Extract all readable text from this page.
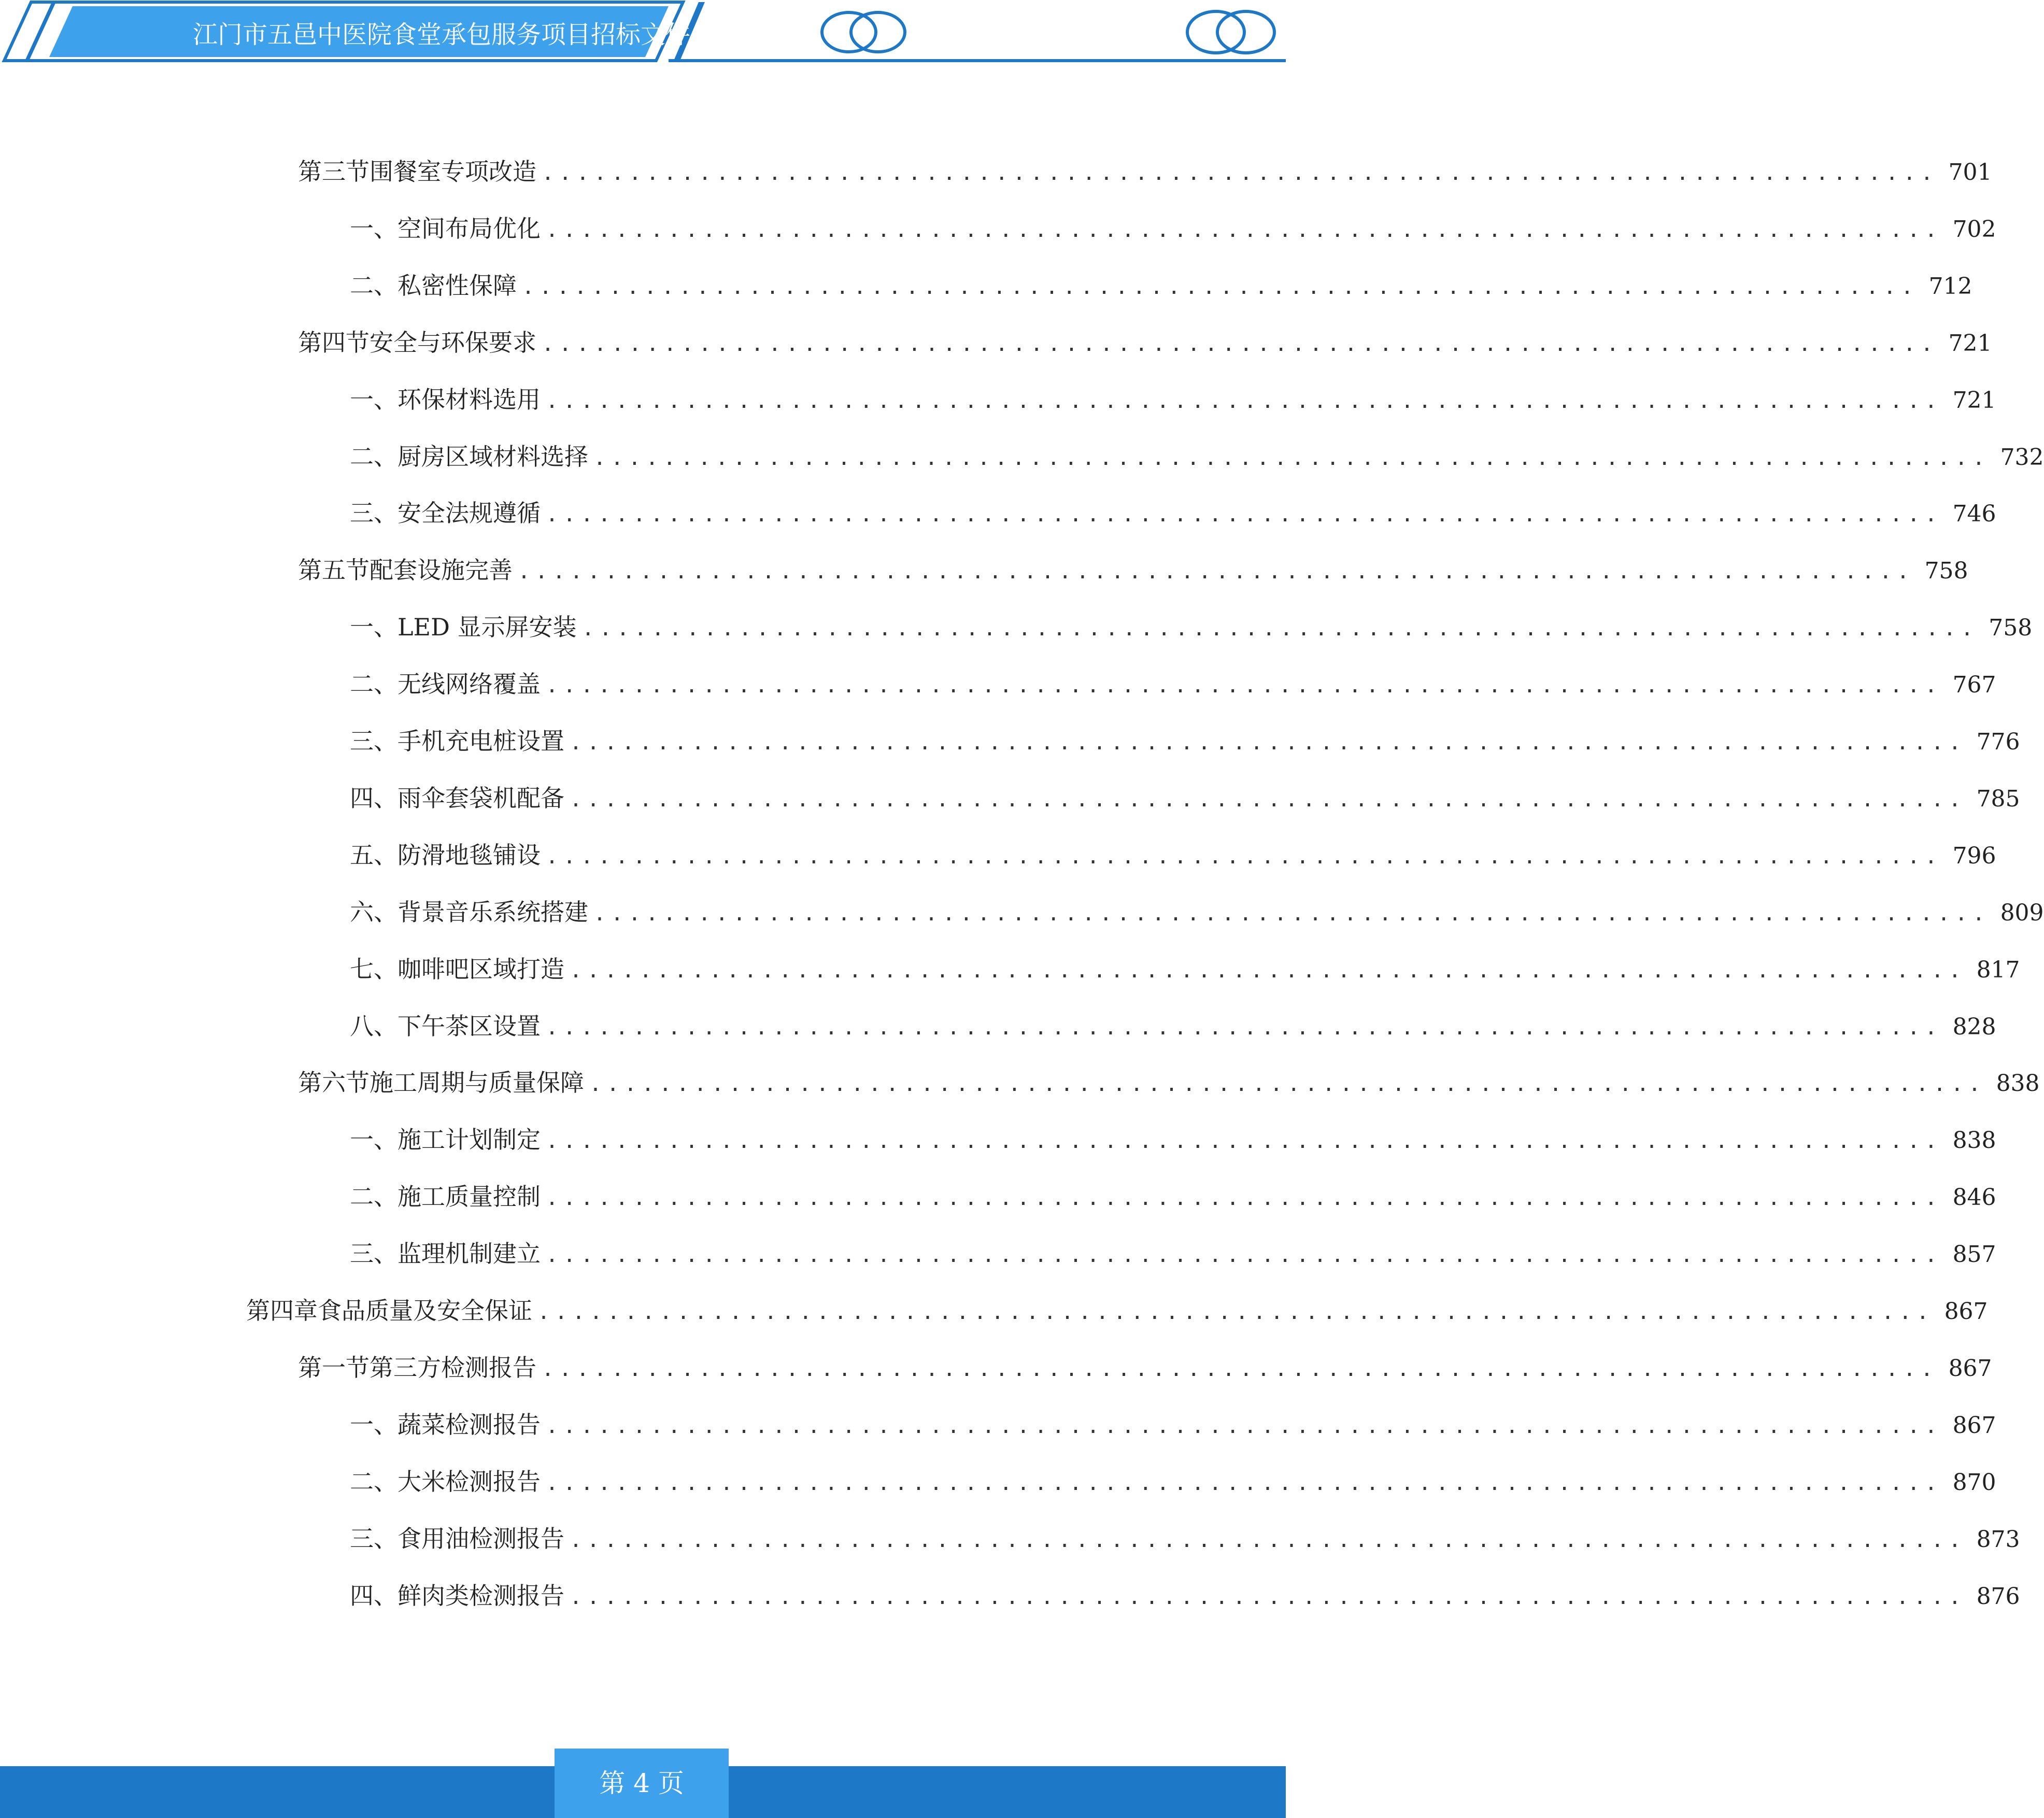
江门市五邑中医院食堂承包服务项目招标文件
第三节 围餐室专项改造 ................................................................................ 701
一、 空间布局优化 ................................................................................ 702
二、 私密性保障 ................................................................................ 712
第四节 安全与环保要求 ................................................................................ 721
一、 环保材料选用 ................................................................................ 721
二、 厨房区域材料选择 ................................................................................ 732
三、 安全法规遵循 ................................................................................ 746
第五节 配套设施完善 ................................................................................ 758
一、 LED 显示屏安装 ................................................................................ 758
二、 无线网络覆盖 ................................................................................ 767
三、 手机充电桩设置 ................................................................................ 776
四、 雨伞套袋机配备 ................................................................................ 785
五、 防滑地毯铺设 ................................................................................ 796
六、 背景音乐系统搭建 ................................................................................ 809
七、 咖啡吧区域打造 ................................................................................ 817
八、 下午茶区设置 ................................................................................ 828
第六节 施工周期与质量保障 ................................................................................ 838
一、 施工计划制定 ................................................................................ 838
二、 施工质量控制 ................................................................................ 846
三、 监理机制建立 ................................................................................ 857
第四章 食品质量及安全保证 ................................................................................ 867
第一节 第三方检测报告 ................................................................................ 867
一、 蔬菜检测报告 ................................................................................ 867
二、 大米检测报告 ................................................................................ 870
三、 食用油检测报告 ................................................................................ 873
四、 鲜肉类检测报告 ................................................................................ 876
第 4 页
